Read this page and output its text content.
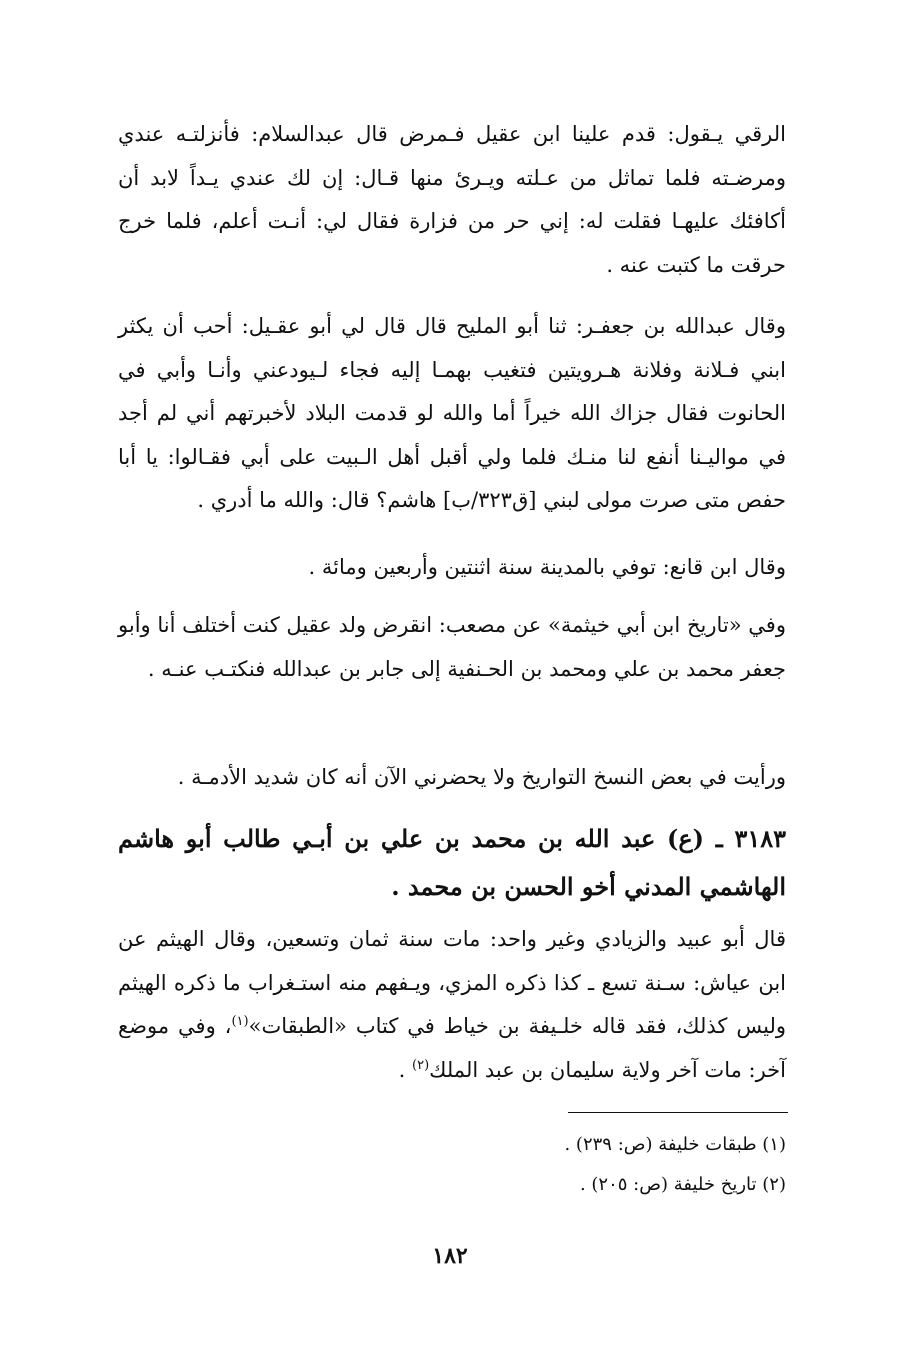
الرقي يـقول: قدم علينا ابن عقيل فـمرض قال عبدالسلام: فأنزلتـه عندي ومرضـته فلما تماثل من عـلته ويـرئ منها قـال: إن لك عندي يـداً لابد أن أكافئك عليهـا فقلت له: إني حر من فزارة فقال لي: أنـت أعلم، فلما خرج حرقت ما كتبت عنه .

وقال عبدالله بن جعفـر: ثنا أبو المليح قال قال لي أبو عقـيل: أحب أن يكثر ابني فـلانة وفلانة هـرويتين فتغيب بهمـا إليه فجاء لـيودعني وأنـا وأبي في الحانوت فقال جزاك الله خيراً أما والله لو قدمت البلاد لأخبرتهم أني لم أجد في مواليـنا أنفع لنا منـك فلما ولي أقبل أهل الـبيت على أبي فقـالوا: يا أبا حفص متى صرت مولى لبني [ق٣٢٣/ب] هاشم؟ قال: والله ما أدري .

وقال ابن قانع: توفي بالمدينة سنة اثنتين وأربعين ومائة .

وفي «تاريخ ابن أبي خيثمة» عن مصعب: انقرض ولد عقيل كنت أختلف أنا وأبو جعفر محمد بن علي ومحمد بن الحـنفية إلى جابر بن عبدالله فنكتـب عنـه .

ورأيت في بعض النسخ التواريخ ولا يحضرني الآن أنه كان شديد الأدمـة .

٣١٨٣ ـ (ع) عبد الله بن محمد بن علي بن أبـي طالب أبو هاشم الهاشمي المدني أخو الحسن بن محمد .

قال أبو عبيد والزيادي وغير واحد: مات سنة ثمان وتسعين، وقال الهيثم عن ابن عياش: سـنة تسع ـ كذا ذكره المزي، ويـفهم منه استـغراب ما ذكره الهيثم وليس كذلك، فقد قاله خلـيفة بن خياط في كتاب «الطبقات»$^{(١)}$، وفي موضع آخر: مات آخر ولاية سليمان بن عبد الملك$^{(٢)}$ .

(١) طبقات خليفة (ص: ٢٣٩) .

(٢) تاريخ خليفة (ص: ٢٠٥) .

١٨٢
